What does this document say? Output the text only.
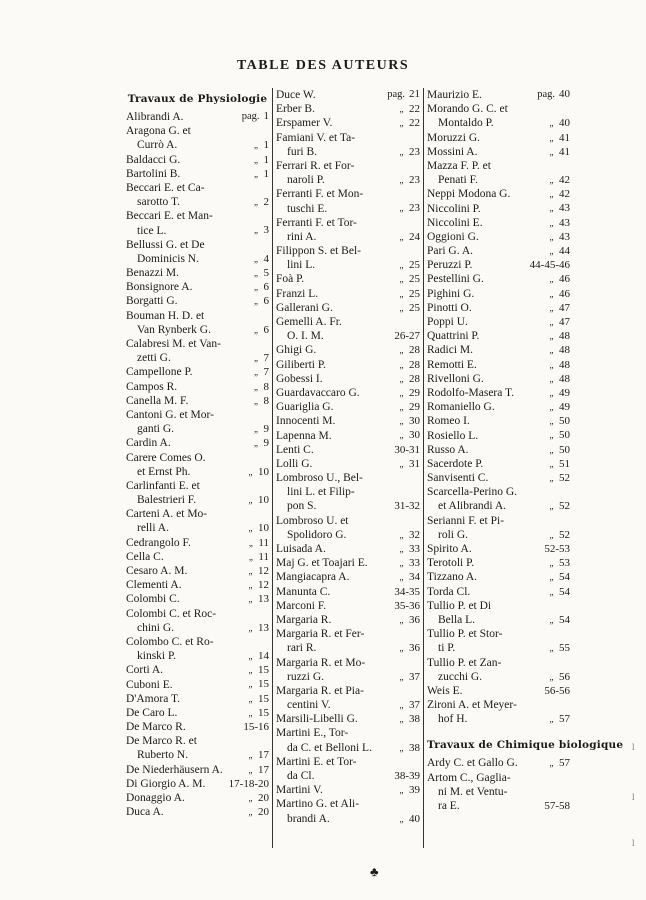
TABLE DES AUTEURS
Travaux de Physiologie
Alibrandi A.	pag. 1
Aragona G. et
Currò A.	„ 1
Baldacci G.	„ 1
Bartolini B.	„ 1
Beccari E. et Ca-
sarotto T.	„ 2
Beccari E. et Man-
tice L.	„ 3
Bellussi G. et De
Dominicis N.	„ 4
Benazzi M.	„ 5
Bonsignore A.	„ 6
Borgatti G.	„ 6
Bouman H. D. et
Van Rynberk G.	„ 6
Calabresi M. et Van-
zetti G.	„ 7
Campellone P.	„ 7
Campos R.	„ 8
Canella M. F.	„ 8
Cantoni G. et Mor-
ganti G.	„ 9
Cardin A.	„ 9
Carere Comes O.
et Ernst Ph.	„ 10
Carlinfanti E. et
Balestrieri F.	„ 10
Carteni A. et Mo-
relli A.	„ 10
Cedrangolo F.	„ 11
Cella C.	„ 11
Cesaro A. M.	„ 12
Clementi A.	„ 12
Colombi C.	„ 13
Colombi C. et Roc-
chini G.	„ 13
Colombo C. et Ro-
kinski P.	„ 14
Corti A.	„ 15
Cuboni E.	„ 15
D'Amora T.	„ 15
De Caro L.	„ 15
De Marco R.	15-16
De Marco R. et
Ruberto N.	„ 17
De Niederhäusern A.	„ 17
Di Giorgio A. M.	17-18-20
Donaggio A.	„ 20
Duca A.	„ 20
Duce W.	pag. 21
Erber B.	„ 22
Erspamer V.	„ 22
Famiani V. et Ta-
furi B.	„ 23
Ferrari R. et For-
naroli P.	„ 23
Ferranti F. et Mon-
tuschi E.	„ 23
Ferranti F. et Tor-
rini A.	„ 24
Filippon S. et Bel-
lini L.	„ 25
Foà P.	„ 25
Franzi L.	„ 25
Gallerani G.	„ 25
Gemelli A. Fr.
O. I. M.	26-27
Ghigi G.	„ 28
Giliberti P.	„ 28
Gobessi I.	„ 28
Guardavaccaro G.	„ 29
Guariglia G.	„ 29
Innocenti M.	„ 30
Lapenna M.	„ 30
Lenti C.	30-31
Lolli G.	„ 31
Lombroso U., Bel-
lini L. et Filip-
pon S.	31-32
Lombroso U. et
Spolidoro G.	„ 32
Luisada A.	„ 33
Maj G. et Toajari E.	„ 33
Mangiacapra A.	„ 34
Manunta C.	34-35
Marconi F.	35-36
Margaria R.	„ 36
Margaria R. et Fer-
rari R.	„ 36
Margaria R. et Mo-
ruzzi G.	„ 37
Margaria R. et Pia-
centini V.	„ 37
Marsili-Libelli G.	„ 38
Martini E., Tor-
da C. et Belloni L.	„ 38
Martini E. et Tor-
da Cl.	38-39
Martini V.	„ 39
Martino G. et Ali-
brandi A.	„ 40
Maurizio E.	pag. 40
Morando G. C. et
Montaldo P.	„ 40
Moruzzi G.	„ 41
Mossini A.	„ 41
Mazza F. P. et
Penati F.	„ 42
Neppi Modona G.	„ 42
Niccolini P.	„ 43
Niccolini E.	„ 43
Oggioni G.	„ 43
Pari G. A.	„ 44
Peruzzi P.	44-45-46
Pestellini G.	„ 46
Pighini G.	„ 46
Pinotti O.	„ 47
Poppi U.	„ 47
Quattrini P.	„ 48
Radici M.	„ 48
Remotti E.	„ 48
Rivelloni G.	„ 48
Rodolfo-Masera T.	„ 49
Romaniello G.	„ 49
Romeo I.	„ 50
Rosiello L.	„ 50
Russo A.	„ 50
Sacerdote P.	„ 51
Sanvisenti C.	„ 52
Scarcella-Perino G.
et Alibrandi A.	„ 52
Serianni F. et Pi-
roli G.	„ 52
Spirito A.	52-53
Terotoli P.	„ 53
Tizzano A.	„ 54
Torda Cl.	„ 54
Tullio P. et Di
Bella L.	„ 54
Tullio P. et Stor-
ti P.	„ 55
Tullio P. et Zan-
zucchi G.	„ 56
Weis E.	56-56
Zironi A. et Meyer-
hof H.	„ 57
Travaux de Chimique biologique
Ardy C. et Gallo G.	„ 57
Artom C., Gaglia-
ni M. et Ventu-
ra E.	57-58
♣
l
l
l
